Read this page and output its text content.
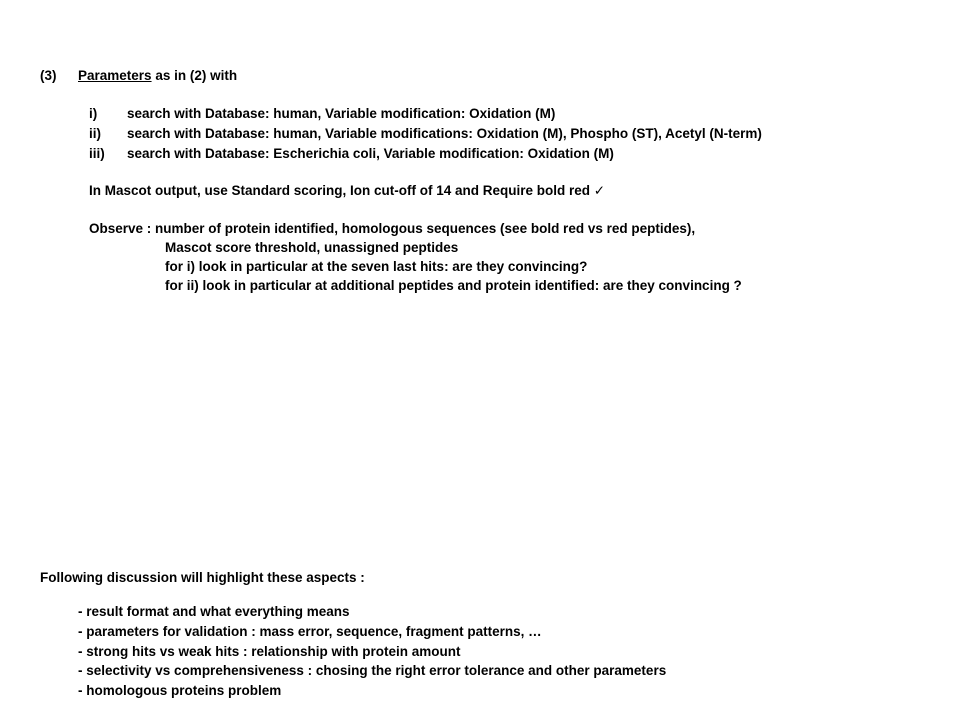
(3) Parameters as in (2) with
i) search with Database: human, Variable modification: Oxidation (M)
ii) search with Database: human, Variable modifications: Oxidation (M), Phospho (ST), Acetyl (N-term)
iii) search with Database: Escherichia coli, Variable modification: Oxidation (M)
In Mascot output, use Standard scoring, Ion cut-off of 14 and Require bold red ✓
Observe : number of protein identified, homologous sequences (see bold red vs red peptides),
Mascot score threshold, unassigned peptides
for i) look in particular at the seven last hits: are they convincing?
for ii) look in particular at additional peptides and protein identified: are they convincing ?
Following discussion will highlight these aspects :
- result format and what everything means
- parameters for validation : mass error, sequence, fragment patterns, …
- strong hits vs weak hits : relationship with protein amount
- selectivity vs comprehensiveness : chosing the right error tolerance and other parameters
- homologous proteins problem
